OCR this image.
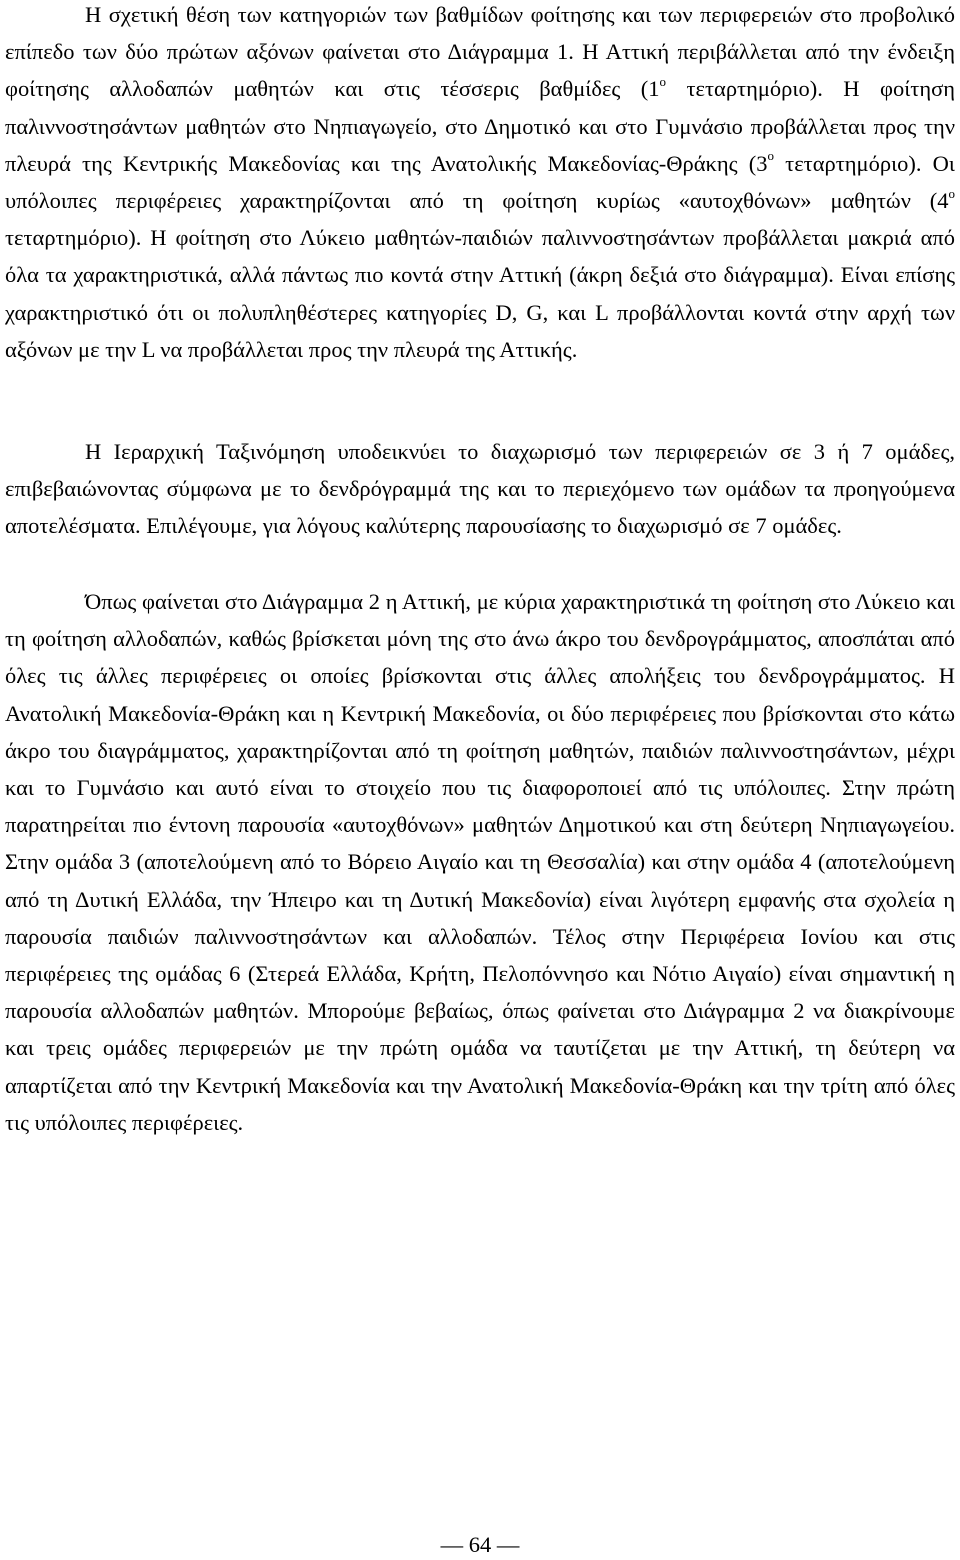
Η σχετική θέση των κατηγοριών των βαθμίδων φοίτησης και των περιφερειών στο προβολικό επίπεδο των δύο πρώτων αξόνων φαίνεται στο Διάγραμμα 1. Η Αττική περιβάλλεται από την ένδειξη φοίτησης αλλοδαπών μαθητών και στις τέσσερις βαθμίδες ($1^o$ τεταρτημόριο). Η φοίτηση παλιννοστησάντων μαθητών στο Νηπιαγωγείο, στο Δημοτικό και στο Γυμνάσιο προβάλλεται προς την πλευρά της Κεντρικής Μακεδονίας και της Ανατολικής Μακεδονίας-Θράκης ($3^o$ τεταρτημόριο). Οι υπόλοιπες περιφέρειες χαρακτηρίζονται από τη φοίτηση κυρίως «αυτοχθόνων» μαθητών ($4^o$ τεταρτημόριο). Η φοίτηση στο Λύκειο μαθητών-παιδιών παλιννοστησάντων προβάλλεται μακριά από όλα τα χαρακτηριστικά, αλλά πάντως πιο κοντά στην Αττική (άκρη δεξιά στο διάγραμμα). Είναι επίσης χαρακτηριστικό ότι οι πολυπληθέστερες κατηγορίες D, G, και L προβάλλονται κοντά στην αρχή των αξόνων με την L να προβάλλεται προς την πλευρά της Αττικής.

Η Ιεραρχική Ταξινόμηση υποδεικνύει το διαχωρισμό των περιφερειών σε 3 ή 7 ομάδες, επιβεβαιώνοντας σύμφωνα με το δενδρόγραμμά της και το περιεχόμενο των ομάδων τα προηγούμενα αποτελέσματα. Επιλέγουμε, για λόγους καλύτερης παρουσίασης το διαχωρισμό σε 7 ομάδες.

Όπως φαίνεται στο Διάγραμμα 2 η Αττική, με κύρια χαρακτηριστικά τη φοίτηση στο Λύκειο και τη φοίτηση αλλοδαπών, καθώς βρίσκεται μόνη της στο άνω άκρο του δενδρογράμματος, αποσπάται από όλες τις άλλες περιφέρειες οι οποίες βρίσκονται στις άλλες απολήξεις του δενδρογράμματος. Η Ανατολική Μακεδονία-Θράκη και η Κεντρική Μακεδονία, οι δύο περιφέρειες που βρίσκονται στο κάτω άκρο του διαγράμματος, χαρακτηρίζονται από τη φοίτηση μαθητών, παιδιών παλιννοστησάντων, μέχρι και το Γυμνάσιο και αυτό είναι το στοιχείο που τις διαφοροποιεί από τις υπόλοιπες. Στην πρώτη παρατηρείται πιο έντονη παρουσία «αυτοχθόνων» μαθητών Δημοτικού και στη δεύτερη Νηπιαγωγείου. Στην ομάδα 3 (αποτελούμενη από το Βόρειο Αιγαίο και τη Θεσσαλία) και στην ομάδα 4 (αποτελούμενη από τη Δυτική Ελλάδα, την Ήπειρο και τη Δυτική Μακεδονία) είναι λιγότερη εμφανής στα σχολεία η παρουσία παιδιών παλιννοστησάντων και αλλοδαπών. Τέλος στην Περιφέρεια Ιονίου και στις περιφέρειες της ομάδας 6 (Στερεά Ελλάδα, Κρήτη, Πελοπόννησο και Νότιο Αιγαίο) είναι σημαντική η παρουσία αλλοδαπών μαθητών. Μπορούμε βεβαίως, όπως φαίνεται στο Διάγραμμα 2 να διακρίνουμε και τρεις ομάδες περιφερειών με την πρώτη ομάδα να ταυτίζεται με την Αττική, τη δεύτερη να απαρτίζεται από την Κεντρική Μακεδονία και την Ανατολική Μακεδονία-Θράκη και την τρίτη από όλες τις υπόλοιπες περιφέρειες.

— 64 —
